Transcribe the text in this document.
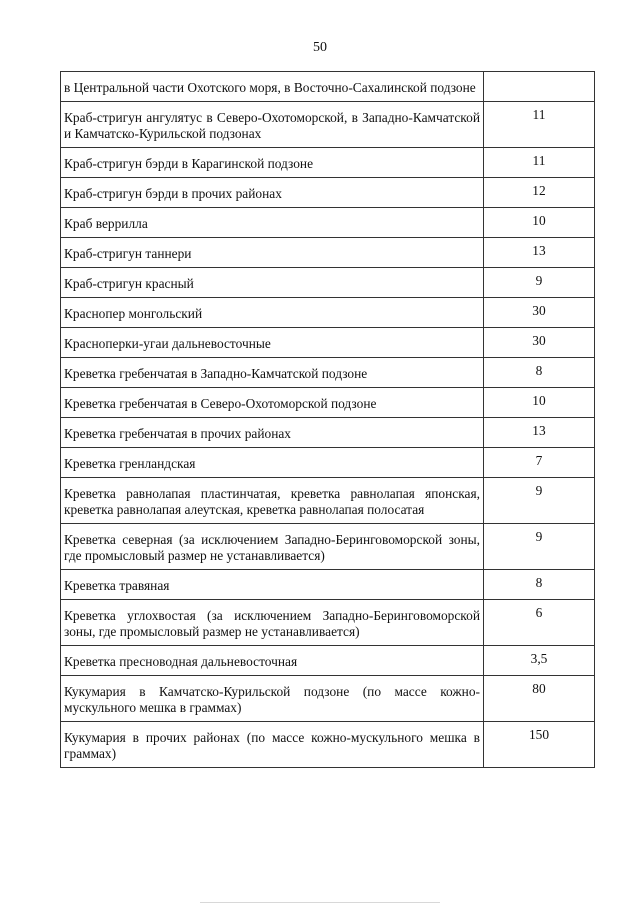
50
в Центральной части Охотского моря, в Восточно-Сахалинской подзоне	
Краб-стригун ангулятус в Северо-Охотоморской, в Западно-Камчатской и Камчатско-Курильской подзонах	11
Краб-стригун бэрди в Карагинской подзоне	11
Краб-стригун бэрди в прочих районах	12
Краб веррилла	10
Краб-стригун таннери	13
Краб-стригун красный	9
Краснопер монгольский	30
Красноперки-угаи дальневосточные	30
Креветка гребенчатая в Западно-Камчатской подзоне	8
Креветка гребенчатая в Северо-Охотоморской подзоне	10
Креветка гребенчатая в прочих районах	13
Креветка гренландская	7
Креветка равнолапая пластинчатая, креветка равнолапая японская, креветка равнолапая алеутская, креветка равнолапая полосатая	9
Креветка северная (за исключением Западно-Беринговоморской зоны, где промысловый размер не устанавливается)	9
Креветка травяная	8
Креветка углохвостая (за исключением Западно-Беринговоморской зоны, где промысловый размер не устанавливается)	6
Креветка пресноводная дальневосточная	3,5
Кукумария в Камчатско-Курильской подзоне (по массе кожно-мускульного мешка в граммах)	80
Кукумария в прочих районах (по массе кожно-мускульного мешка в граммах)	150
